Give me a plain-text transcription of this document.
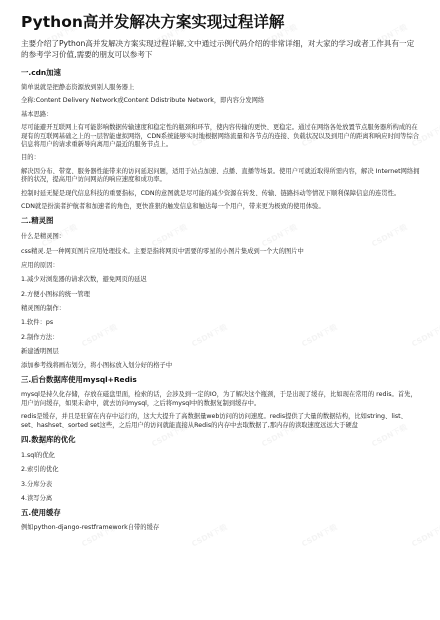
Python高并发解决方案实现过程详解
主要介绍了Python高并发解决方案实现过程详解,文中通过示例代码介绍的非常详细，对大家的学习或者工作具有一定的参考学习价值,需要的朋友可以参考下
一.cdn加速

简单说就是把静态资源放到别人服务器上

全称:Content Delivery Network或Content Ddistribute Network，即内容分发网络

基本思路：

尽可能避开互联网上有可能影响数据传输速度和稳定性的瓶颈和环节，使内容传输的更快、更稳定。通过在网络各处放置节点服务器所构成的在现有的互联网基础之上的一层智能虚拟网络，CDN系统能够实时地根据网络流量和各节点的连接、负载状况以及到用户的距离和响应时间等综合信息将用户的请求重新导向离用户最近的服务节点上。

目的：

解决因分布、带宽、服务器性能带来的访问延迟问题，适用于站点加速、点播、直播等场景。使用户可就近取得所需内容，解决 Internet网络拥挤的状况，提高用户访问网站的响应速度和成功率。

控制时延无疑是现代信息科技的重要指标，CDN的意图就是尽可能的减少资源在转发、传输、链路抖动等情况下顺利保障信息的连贯性。

CDN就是扮演者护航者和加速者的角色，更快准狠的触发信息和触达每一个用户，带来更为极致的使用体验。

二.精灵图

什么是精灵图：

css精灵.是一种网页图片应用处理技术。主要是指将网页中需要的零星的小图片集成到一个大的图片中

应用的原因：

1.减少对浏览器的请求次数，避免网页的延迟

2.方便小图标的统一管理

精灵图的制作：

1.软件：ps

2.制作方法：

新建透明图层

添加参考线将画布划分，将小图标放入划分好的格子中

三.后台数据库使用mysql+Redis

mysql是持久化存储，存放在磁盘里面，检索的话，会涉及到一定的IO，为了解决这个瓶颈，于是出现了缓存，比如现在常用的 redis。首先，用户访问缓存，如果未命中，就去访问mysql，之后将mysql中的数据复制到缓存中。

redis是缓存，并且是驻留在内存中运行的，这大大提升了高数据量web访问的访问速度。redis提供了大量的数据结构，比如string、list、set、hashset、sorted set这些，之后用户的访问就能直接从Redis的内存中去取数据了,那内存的读取速度远远大于硬盘

四.数据库的优化

1.sql的优化

2.索引的优化

3.分库分表

4.读写分离

五.使用缓存

例如python-django-restframework自带的缓存
